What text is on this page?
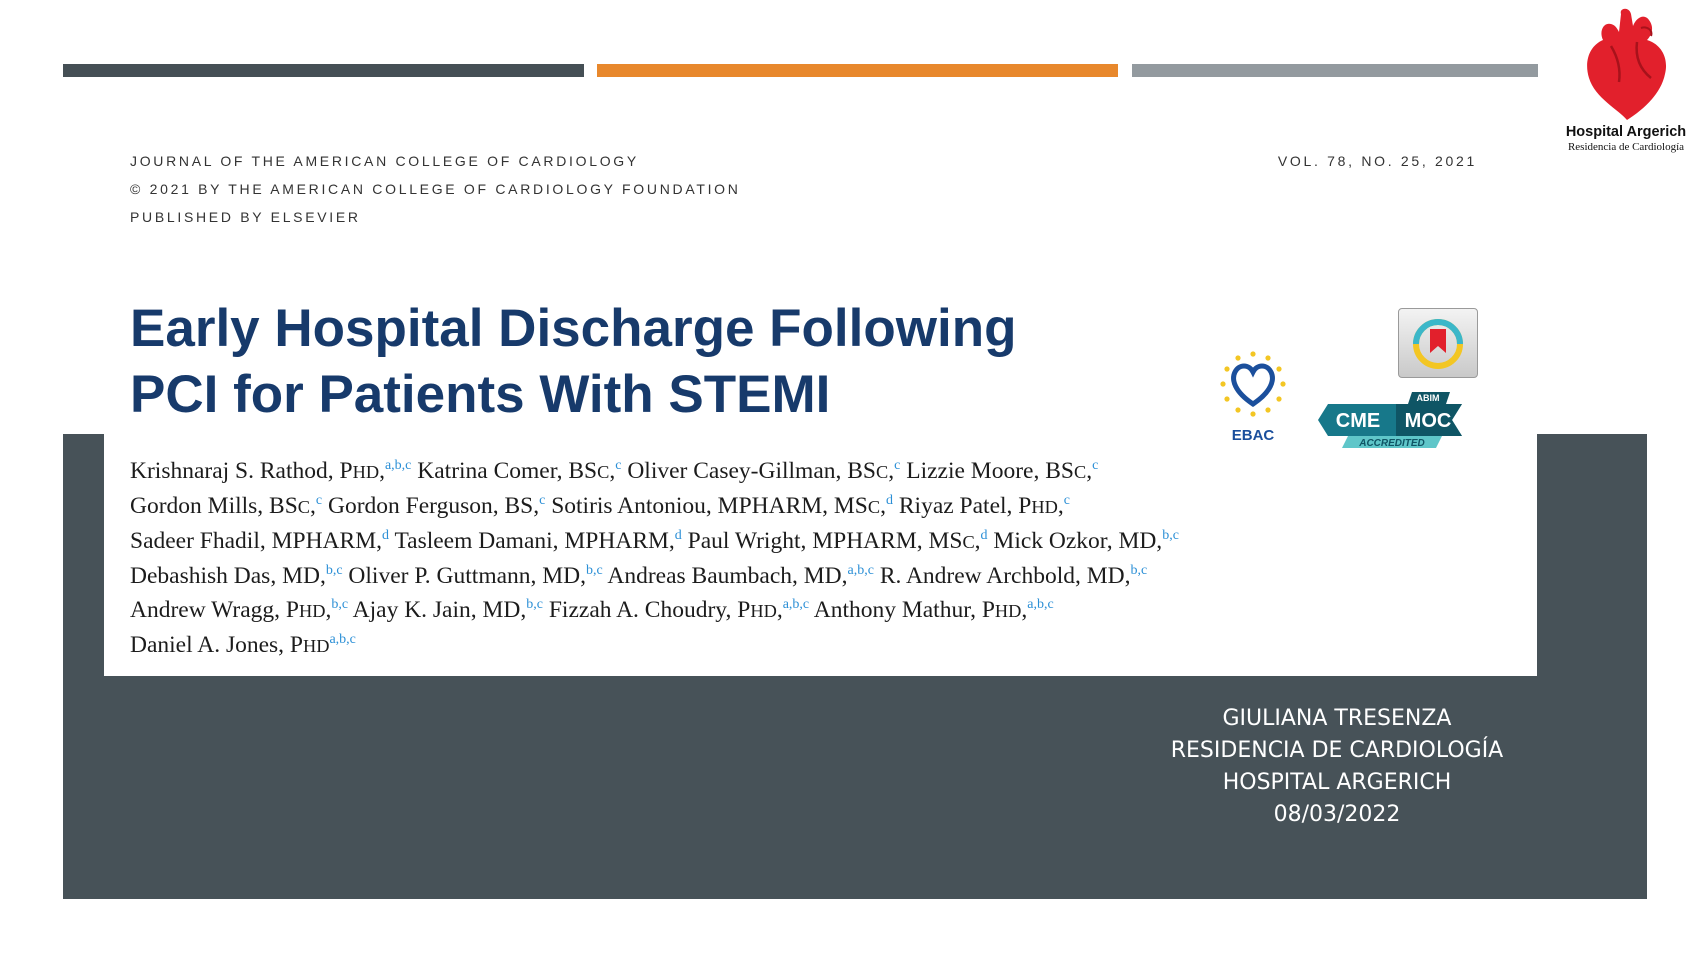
Hospital Argerich
Residencia de Cardiología
JOURNAL OF THE AMERICAN COLLEGE OF CARDIOLOGY
© 2021 BY THE AMERICAN COLLEGE OF CARDIOLOGY FOUNDATION
PUBLISHED BY ELSEVIER
VOL. 78, NO. 25, 2021
Early Hospital Discharge Following
PCI for Patients With STEMI
EBAC
ABIM
CME MOC
ACCREDITED
Krishnaraj S. Rathod, PHD,$^{a,b,c}$ Katrina Comer, BSC,$^c$ Oliver Casey-Gillman, BSC,$^c$ Lizzie Moore, BSC,$^c$
Gordon Mills, BSC,$^c$ Gordon Ferguson, BS,$^c$ Sotiris Antoniou, MPHARM, MSC,$^d$ Riyaz Patel, PHD,$^c$
Sadeer Fhadil, MPHARM,$^d$ Tasleem Damani, MPHARM,$^d$ Paul Wright, MPHARM, MSC,$^d$ Mick Ozkor, MD,$^{b,c}$
Debashish Das, MD,$^{b,c}$ Oliver P. Guttmann, MD,$^{b,c}$ Andreas Baumbach, MD,$^{a,b,c}$ R. Andrew Archbold, MD,$^{b,c}$
Andrew Wragg, PHD,$^{b,c}$ Ajay K. Jain, MD,$^{b,c}$ Fizzah A. Choudry, PHD,$^{a,b,c}$ Anthony Mathur, PHD,$^{a,b,c}$
Daniel A. Jones, PHD$^{a,b,c}$
GIULIANA TRESENZA
RESIDENCIA DE CARDIOLOGÍA
HOSPITAL ARGERICH
08/03/2022
